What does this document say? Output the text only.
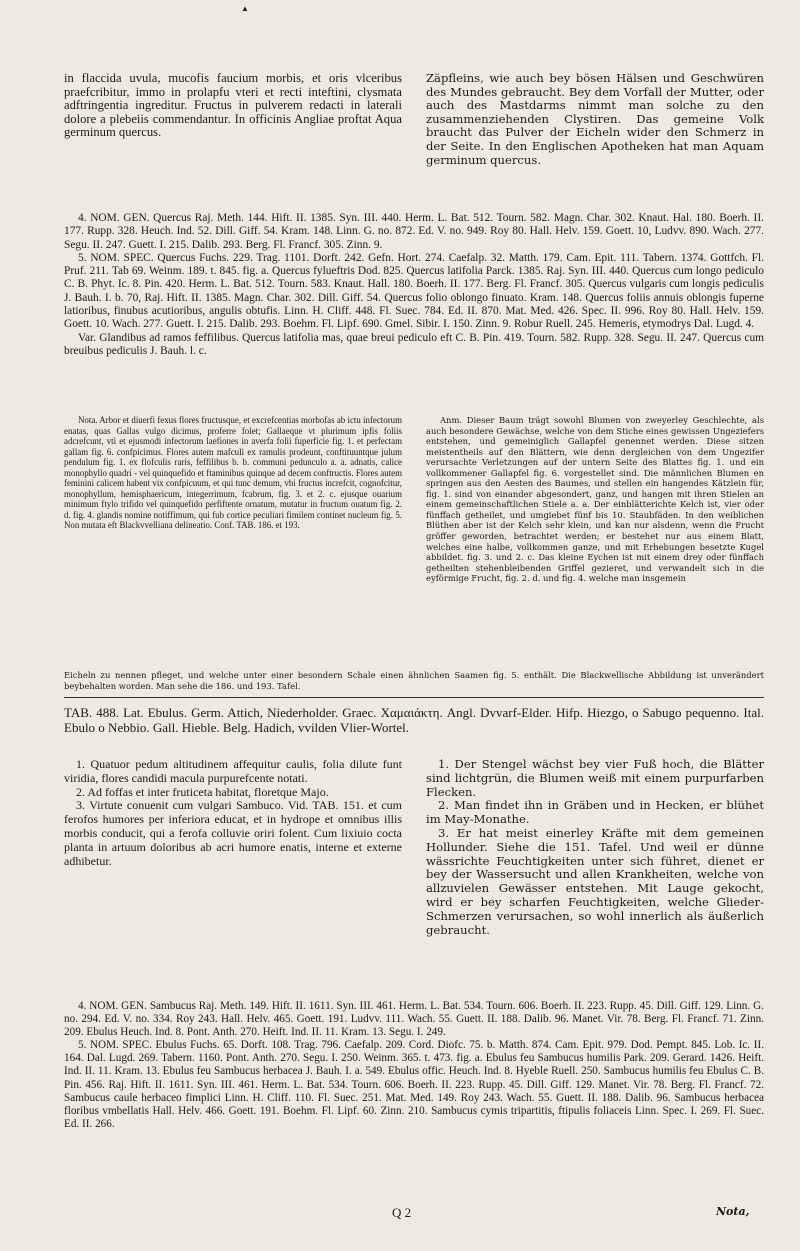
▲

in flaccida uvula, mucofis faucium morbis, et oris vlceribus praefcribitur, immo in prolapfu vteri et recti inteftini, clysmata adftringentia ingreditur. Fructus in pulverem redacti in laterali dolore a plebeiis commendantur. In officinis Angliae proftat Aqua germinum quercus.

Zäpfleins, wie auch bey bösen Hälsen und Geschwüren des Mundes gebraucht. Bey dem Vorfall der Mutter, oder auch des Mastdarms nimmt man solche zu den zusammenziehenden Clystiren. Das gemeine Volk braucht das Pulver der Eicheln wider den Schmerz in der Seite. In den Englischen Apotheken hat man Aquam germinum quercus.

4. NOM. GEN. Quercus Raj. Meth. 144. Hift. II. 1385. Syn. III. 440. Herm. L. Bat. 512. Tourn. 582. Magn. Char. 302. Knaut. Hal. 180. Boerh. II. 177. Rupp. 328. Heuch. Ind. 52. Dill. Giff. 54. Kram. 148. Linn. G. no. 872. Ed. V. no. 949. Roy 80. Hall. Helv. 159. Goett. 10, Ludvv. 890. Wach. 277. Segu. II. 247. Guett. I. 215. Dalib. 293. Berg. Fl. Francf. 305. Zinn. 9.

5. NOM. SPEC. Quercus Fuchs. 229. Trag. 1101. Dorft. 242. Gefn. Hort. 274. Caefalp. 32. Matth. 179. Cam. Epit. 111. Tabern. 1374. Gottfch. Fl. Pruf. 211. Tab 69. Weinm. 189. t. 845. fig. a. Quercus fylueftris Dod. 825. Quercus latifolia Parck. 1385. Raj. Syn. III. 440. Quercus cum longo pediculo C. B. Phyt. Ic. 8. Pin. 420. Herm. L. Bat. 512. Tourn. 583. Knaut. Hall. 180. Boerh. II. 177. Berg. Fl. Francf. 305. Quercus vulgaris cum longis pediculis J. Bauh. I. b. 70, Raj. Hift. II. 1385. Magn. Char. 302. Dill. Giff. 54. Quercus folio oblongo finuato. Kram. 148. Quercus foliis annuis oblongis fuperne latioribus, finubus acutioribus, angulis obtufis. Linn. H. Cliff. 448. Fl. Suec. 784. Ed. II. 870. Mat. Med. 426. Spec. II. 996. Roy 80. Hall. Helv. 159. Goett. 10. Wach. 277. Guett. I. 215. Dalib. 293. Boehm. Fl. Lipf. 690. Gmel. Sibir. I. 150. Zinn. 9. Robur Ruell. 245. Hemeris, etymodrys Dal. Lugd. 4.

Var. Glandibus ad ramos feffilibus. Quercus latifolia mas, quae breui pediculo eft C. B. Pin. 419. Tourn. 582. Rupp. 328. Segu. II. 247. Quercus cum breuibus pediculis J. Bauh. l. c.

Nota. Arbor et diuerfi fexus flores fructusque, et excrefcentias morbofas ab ictu infectorum enatas, quas Gallas vulgo dicimus, proferre folet; Gallaeque vt plurimum ipfis foliis adcrefcunt, vti et ejusmodi infectorum laefiones in averfa folii fuperficie fig. 1. et perfectam gallam fig. 6. confpicimus. Flores autem mafculi ex ramulis prodeunt, conftituuntque julum pendulum fig. 1. ex flofculis raris, feffilibus b. b. communi pedunculo a. a. adnatis, calice monophyllo quadri - vel quinquefido et ftaminibus quinque ad decem conftructis. Flores autem feminini calicem habent vix confpicuum, et qui tunc demum, vbi fructus increfcit, cognofcitur, monophyllum, hemisphaericum, integerrimum, fcabrum, fig. 3. et 2. c. ejusque ouarium minimum ftylo trifido vel quinquefido perfiftente ornatum, mutatur in fructum ouatum fig. 2. d. fig. 4. glandis nomine notiffimum, qui fub cortice peculiari fimilem continet nucleum fig. 5. Non mutata eft Blackvvelliana delineatio. Conf. TAB. 186. et 193.

Anm. Dieser Baum trägt sowohl Blumen von zweyerley Geschlechte, als auch besondere Gewächse, welche von dem Stiche eines gewissen Ungeziefers entstehen, und gemeiniglich Gallapfel genennet werden. Diese sitzen meistentheils auf den Blättern, wie denn dergleichen von dem Ungezifer verursachte Verletzungen auf der untern Seite des Blattes fig. 1. und ein vollkommener Gallapfel fig. 6. vorgestellet sind. Die männlichen Blumen en springen aus den Aesten des Baumes, und stellen ein hangendes Kätzlein für, fig. 1. sind von einander abgesondert, ganz, und hangen mit ihren Stielen an einem gemeinschaftlichen Stiele a. a. Der einblätterichte Kelch ist, vier oder fünffach getheilet, und umgiebet fünf bis 10. Staubfäden. In den weiblichen Blüthen aber ist der Kelch sehr klein, und kan nur alsdenn, wenn die Frucht gröffer geworden, betrachtet werden; er bestehet nur aus einem Blatt, welches eine halbe, vollkommen ganze, und mit Erhebungen besetzte Kugel abbildet. fig. 3. und 2. c. Das kleine Eychen ist mit einem drey oder fünffach getheilten stehenbleibenden Griffel gezieret, und verwandelt sich in die eyförmige Frucht, fig. 2. d. und fig. 4. welche man insgemein

Eicheln zu nennen pfleget, und welche unter einer besondern Schale einen ähnlichen Saamen fig. 5. enthält. Die Blackwellische Abbildung ist unverändert beybehalten worden. Man sehe die 186. und 193. Tafel.

TAB. 488. Lat. Ebulus. Germ. Attich, Niederholder. Graec. Χαμαιάκτη. Angl. Dvvarf-Elder. Hifp. Hiezgo, o Sabugo pequenno. Ital. Ebulo o Nebbio. Gall. Hieble. Belg. Hadich, vvilden Vlier-Wortel.

1. Quatuor pedum altitudinem affequitur caulis, folia dilute funt viridia, flores candidi macula purpurefcente notati.

2. Ad foffas et inter fruticeta habitat, floretque Majo.

3. Virtute conuenit cum vulgari Sambuco. Vid. TAB. 151. et cum ferofos humores per inferiora educat, et in hydrope et omnibus illis morbis conducit, qui a ferofa colluvie oriri folent. Cum lixiuio cocta planta in artuum doloribus ab acri humore enatis, interne et externe adhibetur.

1. Der Stengel wächst bey vier Fuß hoch, die Blätter sind lichtgrün, die Blumen weiß mit einem purpurfarben Flecken.

2. Man findet ihn in Gräben und in Hecken, er blühet im May-Monathe.

3. Er hat meist einerley Kräfte mit dem gemeinen Hollunder. Siehe die 151. Tafel. Und weil er dünne wässrichte Feuchtigkeiten unter sich führet, dienet er bey der Wassersucht und allen Krankheiten, welche von allzuvielen Gewässer entstehen. Mit Lauge gekocht, wird er bey scharfen Feuchtigkeiten, welche Glieder-Schmerzen verursachen, so wohl innerlich als äußerlich gebraucht.

4. NOM. GEN. Sambucus Raj. Meth. 149. Hift. II. 1611. Syn. III. 461. Herm. L. Bat. 534. Tourn. 606. Boerh. II. 223. Rupp. 45. Dill. Giff. 129. Linn. G. no. 294. Ed. V. no. 334. Roy 243. Hall. Helv. 465. Goett. 191. Ludvv. 111. Wach. 55. Guett. II. 188. Dalib. 96. Manet. Vir. 78. Berg. Fl. Francf. 71. Zinn. 209. Ebulus Heuch. Ind. 8. Pont. Anth. 270. Heift. Ind. II. 11. Kram. 13. Segu. I. 249.

5. NOM. SPEC. Ebulus Fuchs. 65. Dorft. 108. Trag. 796. Caefalp. 209. Cord. Diofc. 75. b. Matth. 874. Cam. Epit. 979. Dod. Pempt. 845. Lob. Ic. II. 164. Dal. Lugd. 269. Tabern. 1160. Pont. Anth. 270. Segu. I. 250. Weinm. 365. t. 473. fig. a. Ebulus feu Sambucus humilis Park. 209. Gerard. 1426. Heift. Ind. II. 11. Kram. 13. Ebulus feu Sambucus herbacea J. Bauh. I. a. 549. Ebulus offic. Heuch. Ind. 8. Hyeble Ruell. 250. Sambucus humilis feu Ebulus C. B. Pin. 456. Raj. Hift. II. 1611. Syn. III. 461. Herm. L. Bat. 534. Tourn. 606. Boerh. II. 223. Rupp. 45. Dill. Giff. 129. Manet. Vir. 78. Berg. Fl. Francf. 72. Sambucus caule herbaceo fimplici Linn. H. Cliff. 110. Fl. Suec. 251. Mat. Med. 149. Roy 243. Wach. 55. Guett. II. 188. Dalib. 96. Sambucus herbacea floribus vmbellatis Hall. Helv. 466. Goett. 191. Boehm. Fl. Lipf. 60. Zinn. 210. Sambucus cymis tripartitis, ftipulis foliaceis Linn. Spec. I. 269. Fl. Suec. Ed. II. 266.

Q 2	Nota,
